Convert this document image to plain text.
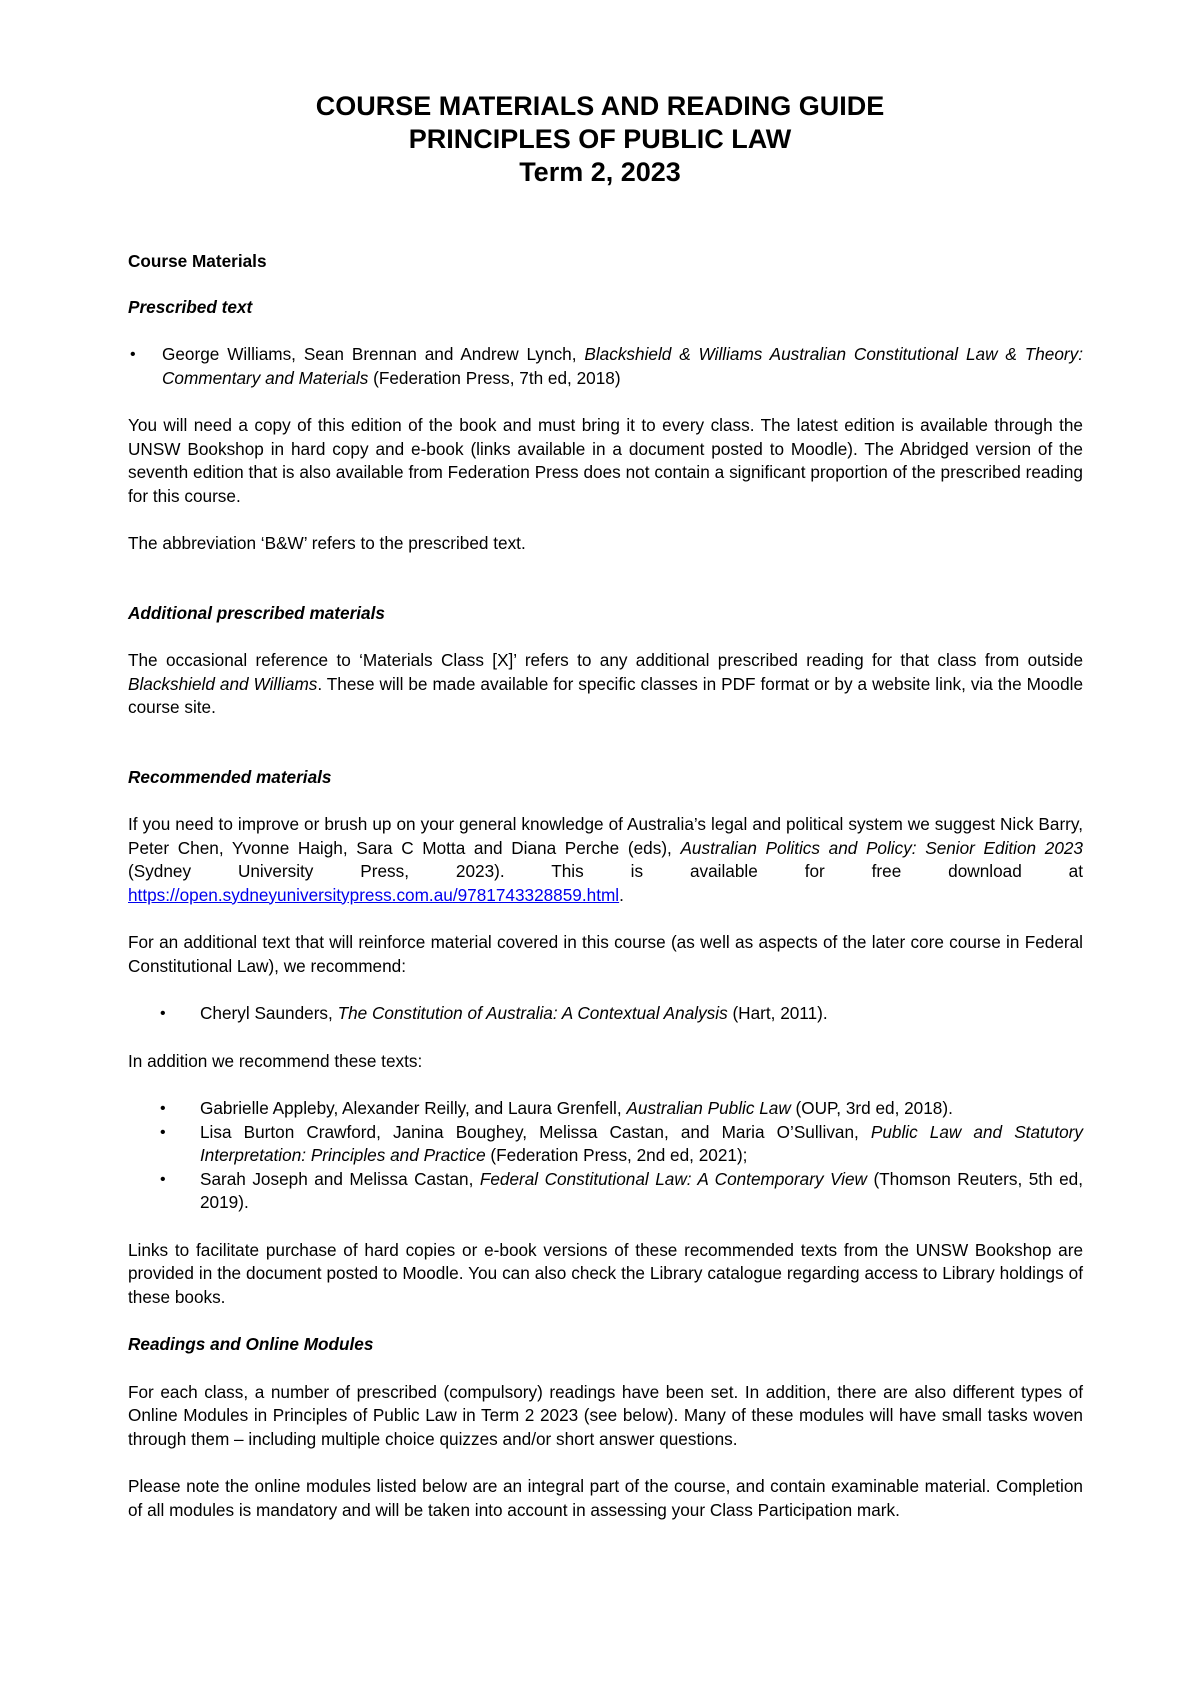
COURSE MATERIALS AND READING GUIDE
PRINCIPLES OF PUBLIC LAW
Term 2, 2023
Course Materials
Prescribed text
• George Williams, Sean Brennan and Andrew Lynch, Blackshield & Williams Australian Constitutional Law & Theory: Commentary and Materials (Federation Press, 7th ed, 2018)

You will need a copy of this edition of the book and must bring it to every class. The latest edition is available through the UNSW Bookshop in hard copy and e-book (links available in a document posted to Moodle). The Abridged version of the seventh edition that is also available from Federation Press does not contain a significant proportion of the prescribed reading for this course.

The abbreviation ‘B&W’ refers to the prescribed text.

Additional prescribed materials

The occasional reference to ‘Materials Class [X]’ refers to any additional prescribed reading for that class from outside Blackshield and Williams. These will be made available for specific classes in PDF format or by a website link, via the Moodle course site.

Recommended materials

If you need to improve or brush up on your general knowledge of Australia’s legal and political system we suggest Nick Barry, Peter Chen, Yvonne Haigh, Sara C Motta and Diana Perche (eds), Australian Politics and Policy: Senior Edition 2023 (Sydney University Press, 2023). This is available for free download at https://open.sydneyuniversitypress.com.au/9781743328859.html.

For an additional text that will reinforce material covered in this course (as well as aspects of the later core course in Federal Constitutional Law), we recommend:

• Cheryl Saunders, The Constitution of Australia: A Contextual Analysis (Hart, 2011).

In addition we recommend these texts:

• Gabrielle Appleby, Alexander Reilly, and Laura Grenfell, Australian Public Law (OUP, 3rd ed, 2018).
• Lisa Burton Crawford, Janina Boughey, Melissa Castan, and Maria O’Sullivan, Public Law and Statutory Interpretation: Principles and Practice (Federation Press, 2nd ed, 2021);
• Sarah Joseph and Melissa Castan, Federal Constitutional Law: A Contemporary View (Thomson Reuters, 5th ed, 2019).

Links to facilitate purchase of hard copies or e-book versions of these recommended texts from the UNSW Bookshop are provided in the document posted to Moodle. You can also check the Library catalogue regarding access to Library holdings of these books.

Readings and Online Modules

For each class, a number of prescribed (compulsory) readings have been set. In addition, there are also different types of Online Modules in Principles of Public Law in Term 2 2023 (see below). Many of these modules will have small tasks woven through them – including multiple choice quizzes and/or short answer questions.

Please note the online modules listed below are an integral part of the course, and contain examinable material. Completion of all modules is mandatory and will be taken into account in assessing your Class Participation mark.
